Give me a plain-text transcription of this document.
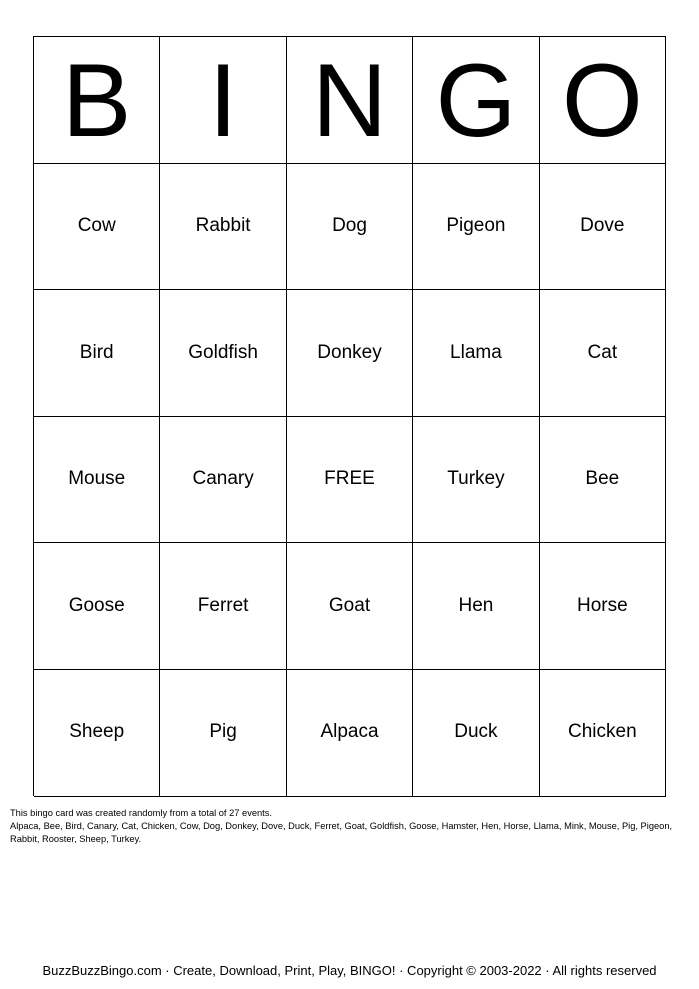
B I N G O
Cow	Rabbit	Dog	Pigeon	Dove
Bird	Goldfish	Donkey	Llama	Cat
Mouse	Canary	FREE	Turkey	Bee
Goose	Ferret	Goat	Hen	Horse
Sheep	Pig	Alpaca	Duck	Chicken

This bingo card was created randomly from a total of 27 events.

Alpaca, Bee, Bird, Canary, Cat, Chicken, Cow, Dog, Donkey, Dove, Duck, Ferret, Goat, Goldfish, Goose, Hamster, Hen, Horse, Llama, Mink, Mouse, Pig, Pigeon, Rabbit, Rooster, Sheep, Turkey.

BuzzBuzzBingo.com · Create, Download, Print, Play, BINGO! · Copyright © 2003-2022 · All rights reserved
